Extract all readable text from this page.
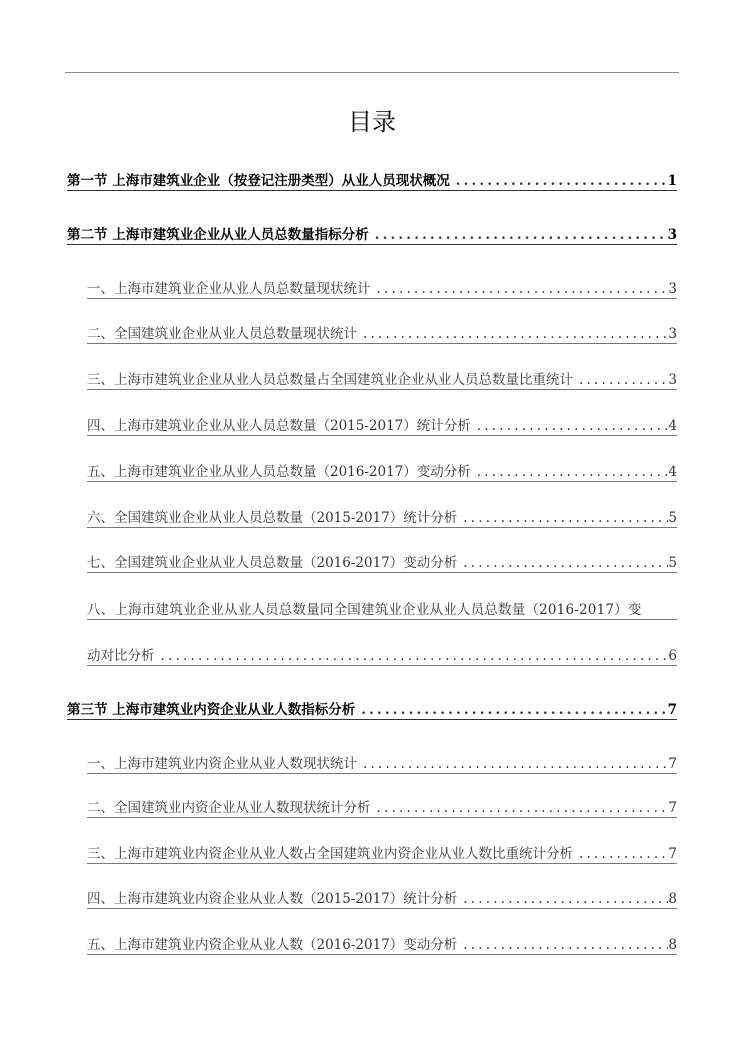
目录
第一节 上海市建筑业企业（按登记注册类型）从业人员现状概况 .....	1
第二节 上海市建筑业企业从业人员总数量指标分析 .....	3
一、上海市建筑业企业从业人员总数量现状统计 .....	3
二、全国建筑业企业从业人员总数量现状统计 .....	3
三、上海市建筑业企业从业人员总数量占全国建筑业企业从业人员总数量比重统计 .....	3
四、上海市建筑业企业从业人员总数量（2015-2017）统计分析 .....	4
五、上海市建筑业企业从业人员总数量（2016-2017）变动分析 .....	4
六、全国建筑业企业从业人员总数量（2015-2017）统计分析 .....	5
七、全国建筑业企业从业人员总数量（2016-2017）变动分析 .....	5
八、上海市建筑业企业从业人员总数量同全国建筑业企业从业人员总数量（2016-2017）变
动对比分析 .....	6
第三节 上海市建筑业内资企业从业人数指标分析 .....	7
一、上海市建筑业内资企业从业人数现状统计 .....	7
二、全国建筑业内资企业从业人数现状统计分析 .....	7
三、上海市建筑业内资企业从业人数占全国建筑业内资企业从业人数比重统计分析 .....	7
四、上海市建筑业内资企业从业人数（2015-2017）统计分析 .....	8
五、上海市建筑业内资企业从业人数（2016-2017）变动分析 .....	8
